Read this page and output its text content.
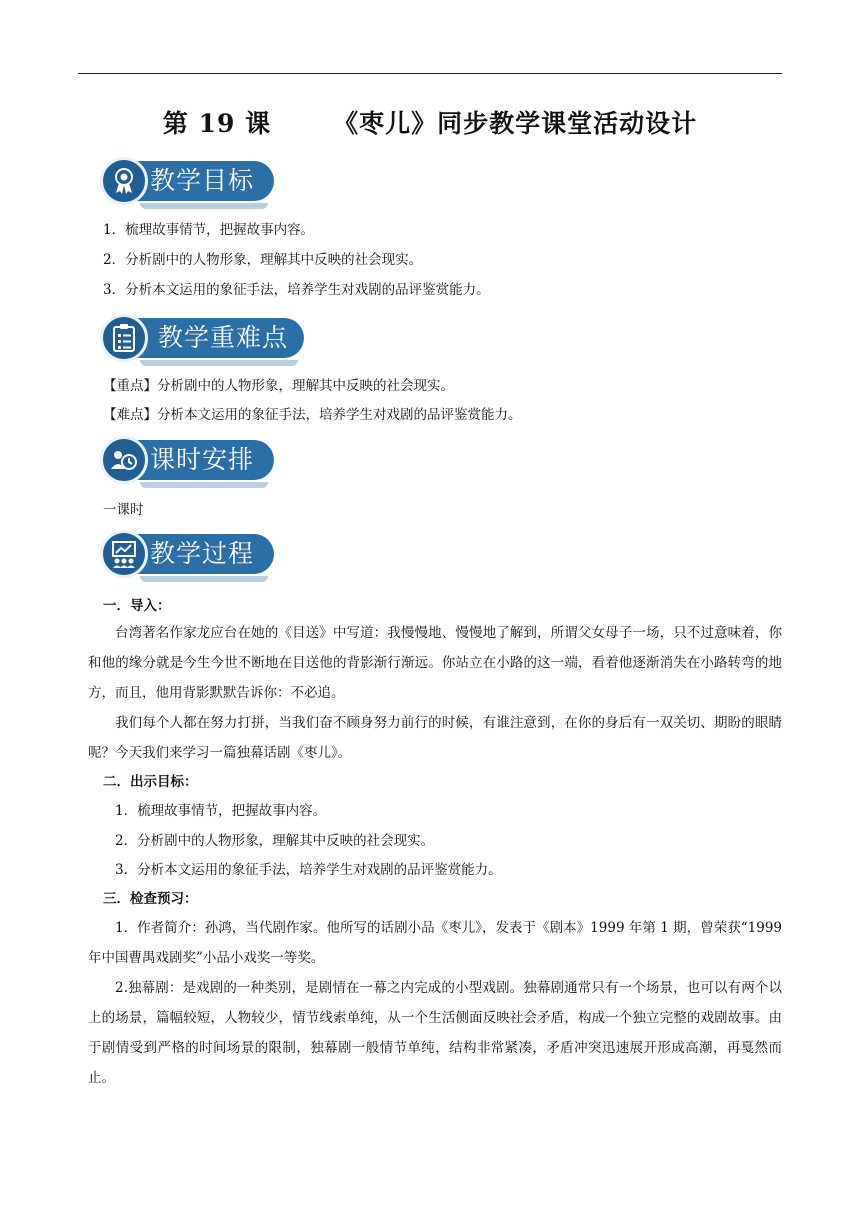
第 19 课 《枣儿》同步教学课堂活动设计
教学目标

1．梳理故事情节，把握故事内容。

2．分析剧中的人物形象，理解其中反映的社会现实。

3．分析本文运用的象征手法，培养学生对戏剧的品评鉴赏能力。

教学重难点

【重点】分析剧中的人物形象，理解其中反映的社会现实。

【难点】分析本文运用的象征手法，培养学生对戏剧的品评鉴赏能力。

课时安排

一课时

教学过程

一．导入：

台湾著名作家龙应台在她的《目送》中写道：我慢慢地、慢慢地了解到，所谓父女母子一场，只不过意味着，你和他的缘分就是今生今世不断地在目送他的背影渐行渐远。你站立在小路的这一端，看着他逐渐消失在小路转弯的地方，而且，他用背影默默告诉你：不必追。

我们每个人都在努力打拼，当我们奋不顾身努力前行的时候，有谁注意到，在你的身后有一双关切、期盼的眼睛呢？今天我们来学习一篇独幕话剧《枣儿》。

二．出示目标：

1．梳理故事情节，把握故事内容。

2．分析剧中的人物形象，理解其中反映的社会现实。

3．分析本文运用的象征手法，培养学生对戏剧的品评鉴赏能力。

三．检查预习：

1．作者简介：孙鸿，当代剧作家。他所写的话剧小品《枣儿》，发表于《剧本》1999 年第 1 期，曾荣获“1999 年中国曹禺戏剧奖”小品小戏奖一等奖。

2.独幕剧：是戏剧的一种类别，是剧情在一幕之内完成的小型戏剧。独幕剧通常只有一个场景，也可以有两个以上的场景，篇幅较短，人物较少，情节线索单纯，从一个生活侧面反映社会矛盾，构成一个独立完整的戏剧故事。由于剧情受到严格的时间场景的限制，独幕剧一般情节单纯，结构非常紧凑，矛盾冲突迅速展开形成高潮，再戛然而止。
